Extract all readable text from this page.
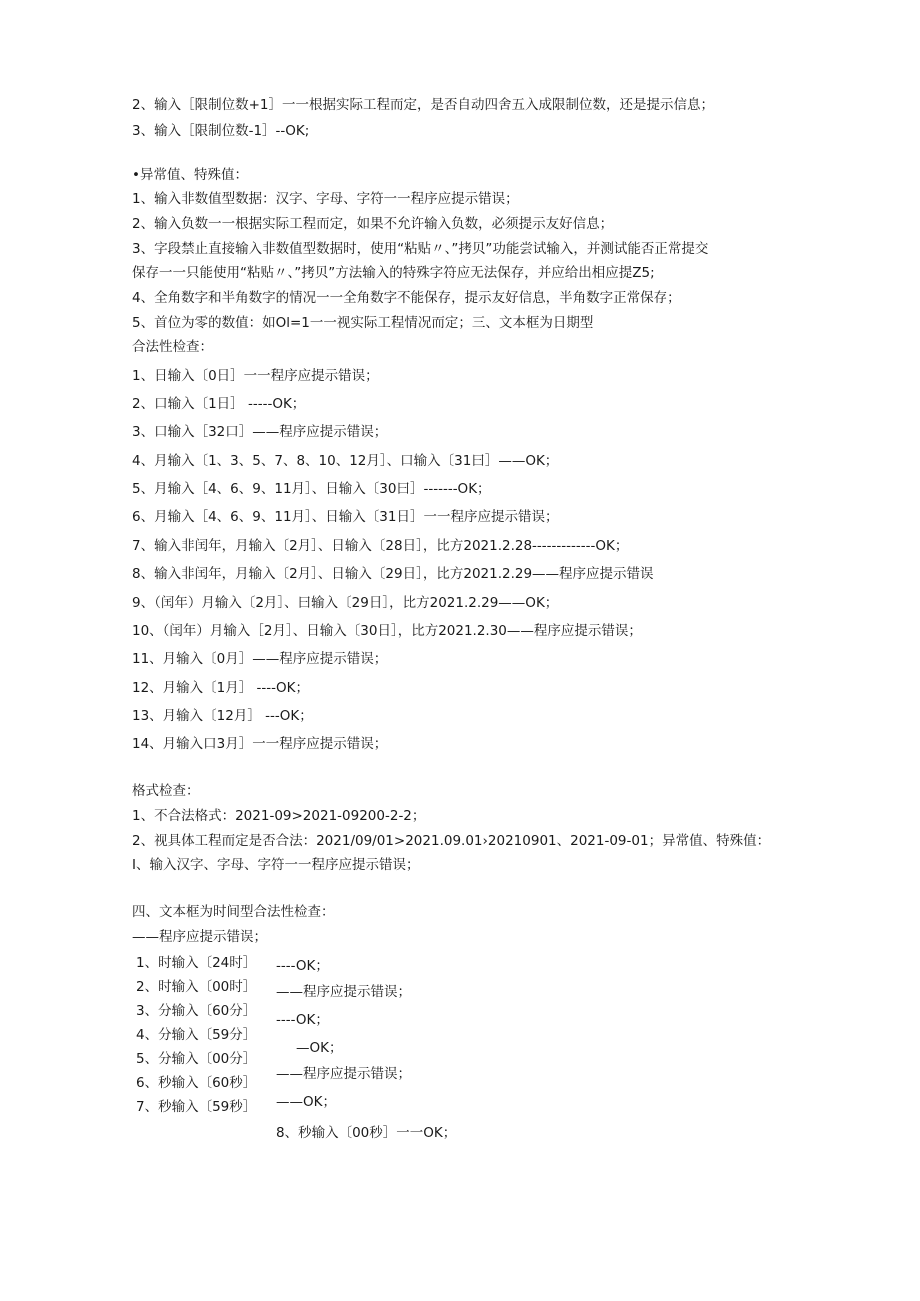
2、输入［限制位数+1］一一根据实际工程而定，是否自动四舍五入成限制位数，还是提示信息；
3、输入［限制位数-1］--OK;
•异常值、特殊值：
1、输入非数值型数据：汉字、字母、字符一一程序应提示错误；
2、输入负数一一根据实际工程而定，如果不允许输入负数，必须提示友好信息；
3、字段禁止直接输入非数值型数据时，使用“粘贴〃、”拷贝”功能尝试输入，并测试能否正常提交
保存一一只能使用“粘贴〃、”拷贝”方法输入的特殊字符应无法保存，并应给出相应提Z5;
4、全角数字和半角数字的情况一一全角数字不能保存，提示友好信息，半角数字正常保存；
5、首位为零的数值：如Ol=1一一视实际工程情况而定；三、文本框为日期型
合法性检查：
1、日输入〔0日］一一程序应提示错误；
2、口输入〔1日］ -----OK；
3、口输入［32口］——程序应提示错误；
4、月输入〔1、3、5、7、8、10、12月］、口输入〔31曰］——OK；
5、月输入［4、6、9、11月］、日输入〔30曰］-------OK；
6、月输入［4、6、9、11月］、日输入〔31日］一一程序应提示错误；
7、输入非闰年，月输入〔2月］、日输入〔28日］，比方2021.2.28-------------OK；
8、输入非闰年，月输入〔2月］、日输入〔29日］，比方2021.2.29——程序应提示错误
9、（闰年）月输入〔2月］、曰输入〔29日］，比方2021.2.29——OK；
10、（闰年）月输入［2月］、日输入〔30日］，比方2021.2.30——程序应提示错误；
11、月输入〔0月］——程序应提示错误；
12、月输入〔1月］ ----OK；
13、月输入〔12月］ ---OK；
14、月输入口3月］一一程序应提示错误；
格式检查：
1、不合法格式：2021-09>2021-09200-2-2；
2、视具体工程而定是否合法：2021/09/01>2021.09.01›20210901、2021-09-01；异常值、特殊值：
I、输入汉字、字母、字符一一程序应提示错误；
四、文本框为时间型合法性检查：
——程序应提示错误；
1、时输入〔24时］
2、时输入〔00时］
3、分输入〔60分］
4、分输入〔59分］
5、分输入〔00分］
6、秒输入〔60秒］
7、秒输入〔59秒］
----OK；
——程序应提示错误；
----OK；
—OK；
——程序应提示错误；
——OK；
8、秒输入〔00秒］一一OK；
